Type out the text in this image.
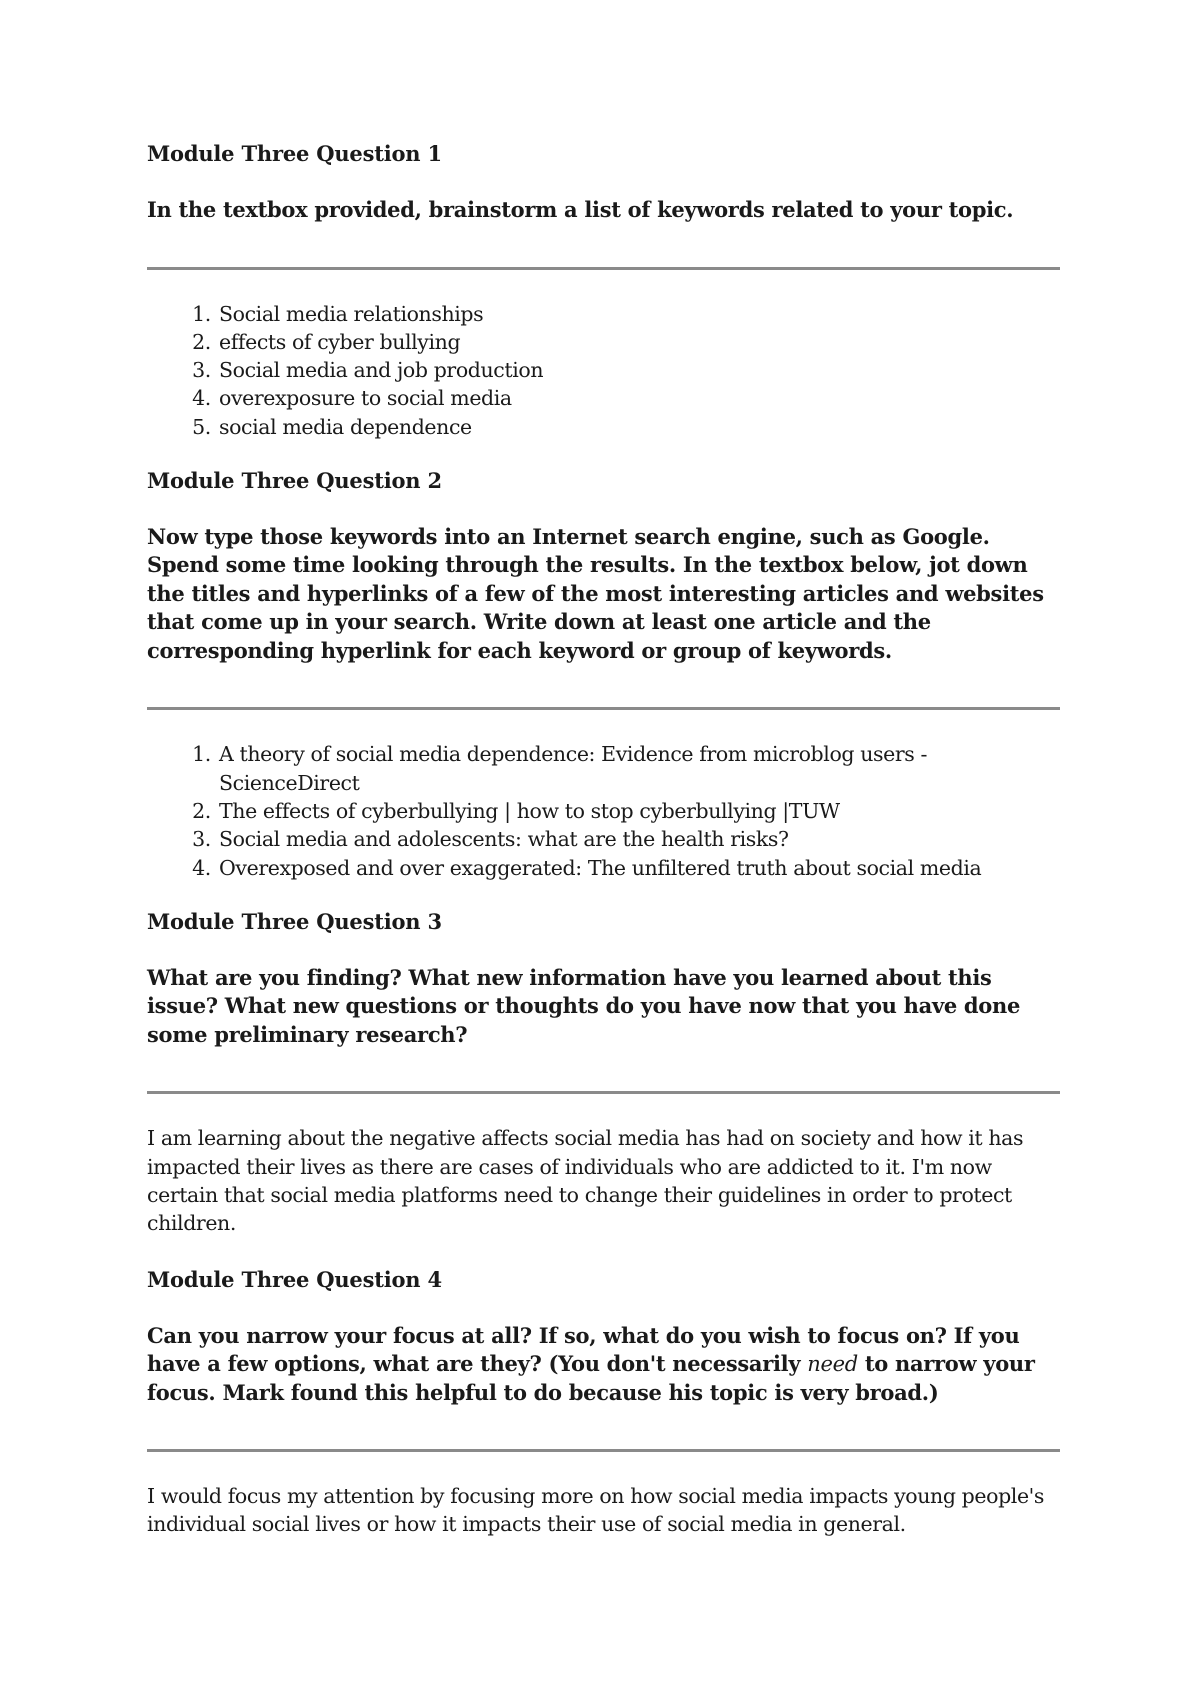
Module Three Question 1

In the textbox provided, brainstorm a list of keywords related to your topic.

1. Social media relationships
2. effects of cyber bullying
3. Social media and job production
4. overexposure to social media
5. social media dependence

Module Three Question 2

Now type those keywords into an Internet search engine, such as Google. Spend some time looking through the results. In the textbox below, jot down the titles and hyperlinks of a few of the most interesting articles and websites that come up in your search. Write down at least one article and the corresponding hyperlink for each keyword or group of keywords.

1. A theory of social media dependence: Evidence from microblog users - ScienceDirect
2. The effects of cyberbullying | how to stop cyberbullying |TUW
3. Social media and adolescents: what are the health risks?
4. Overexposed and over exaggerated: The unfiltered truth about social media

Module Three Question 3

What are you finding? What new information have you learned about this issue? What new questions or thoughts do you have now that you have done some preliminary research?

I am learning about the negative affects social media has had on society and how it has impacted their lives as there are cases of individuals who are addicted to it. I'm now certain that social media platforms need to change their guidelines in order to protect children.

Module Three Question 4

Can you narrow your focus at all? If so, what do you wish to focus on? If you have a few options, what are they? (You don't necessarily need to narrow your focus. Mark found this helpful to do because his topic is very broad.)

I would focus my attention by focusing more on how social media impacts young people's individual social lives or how it impacts their use of social media in general.
